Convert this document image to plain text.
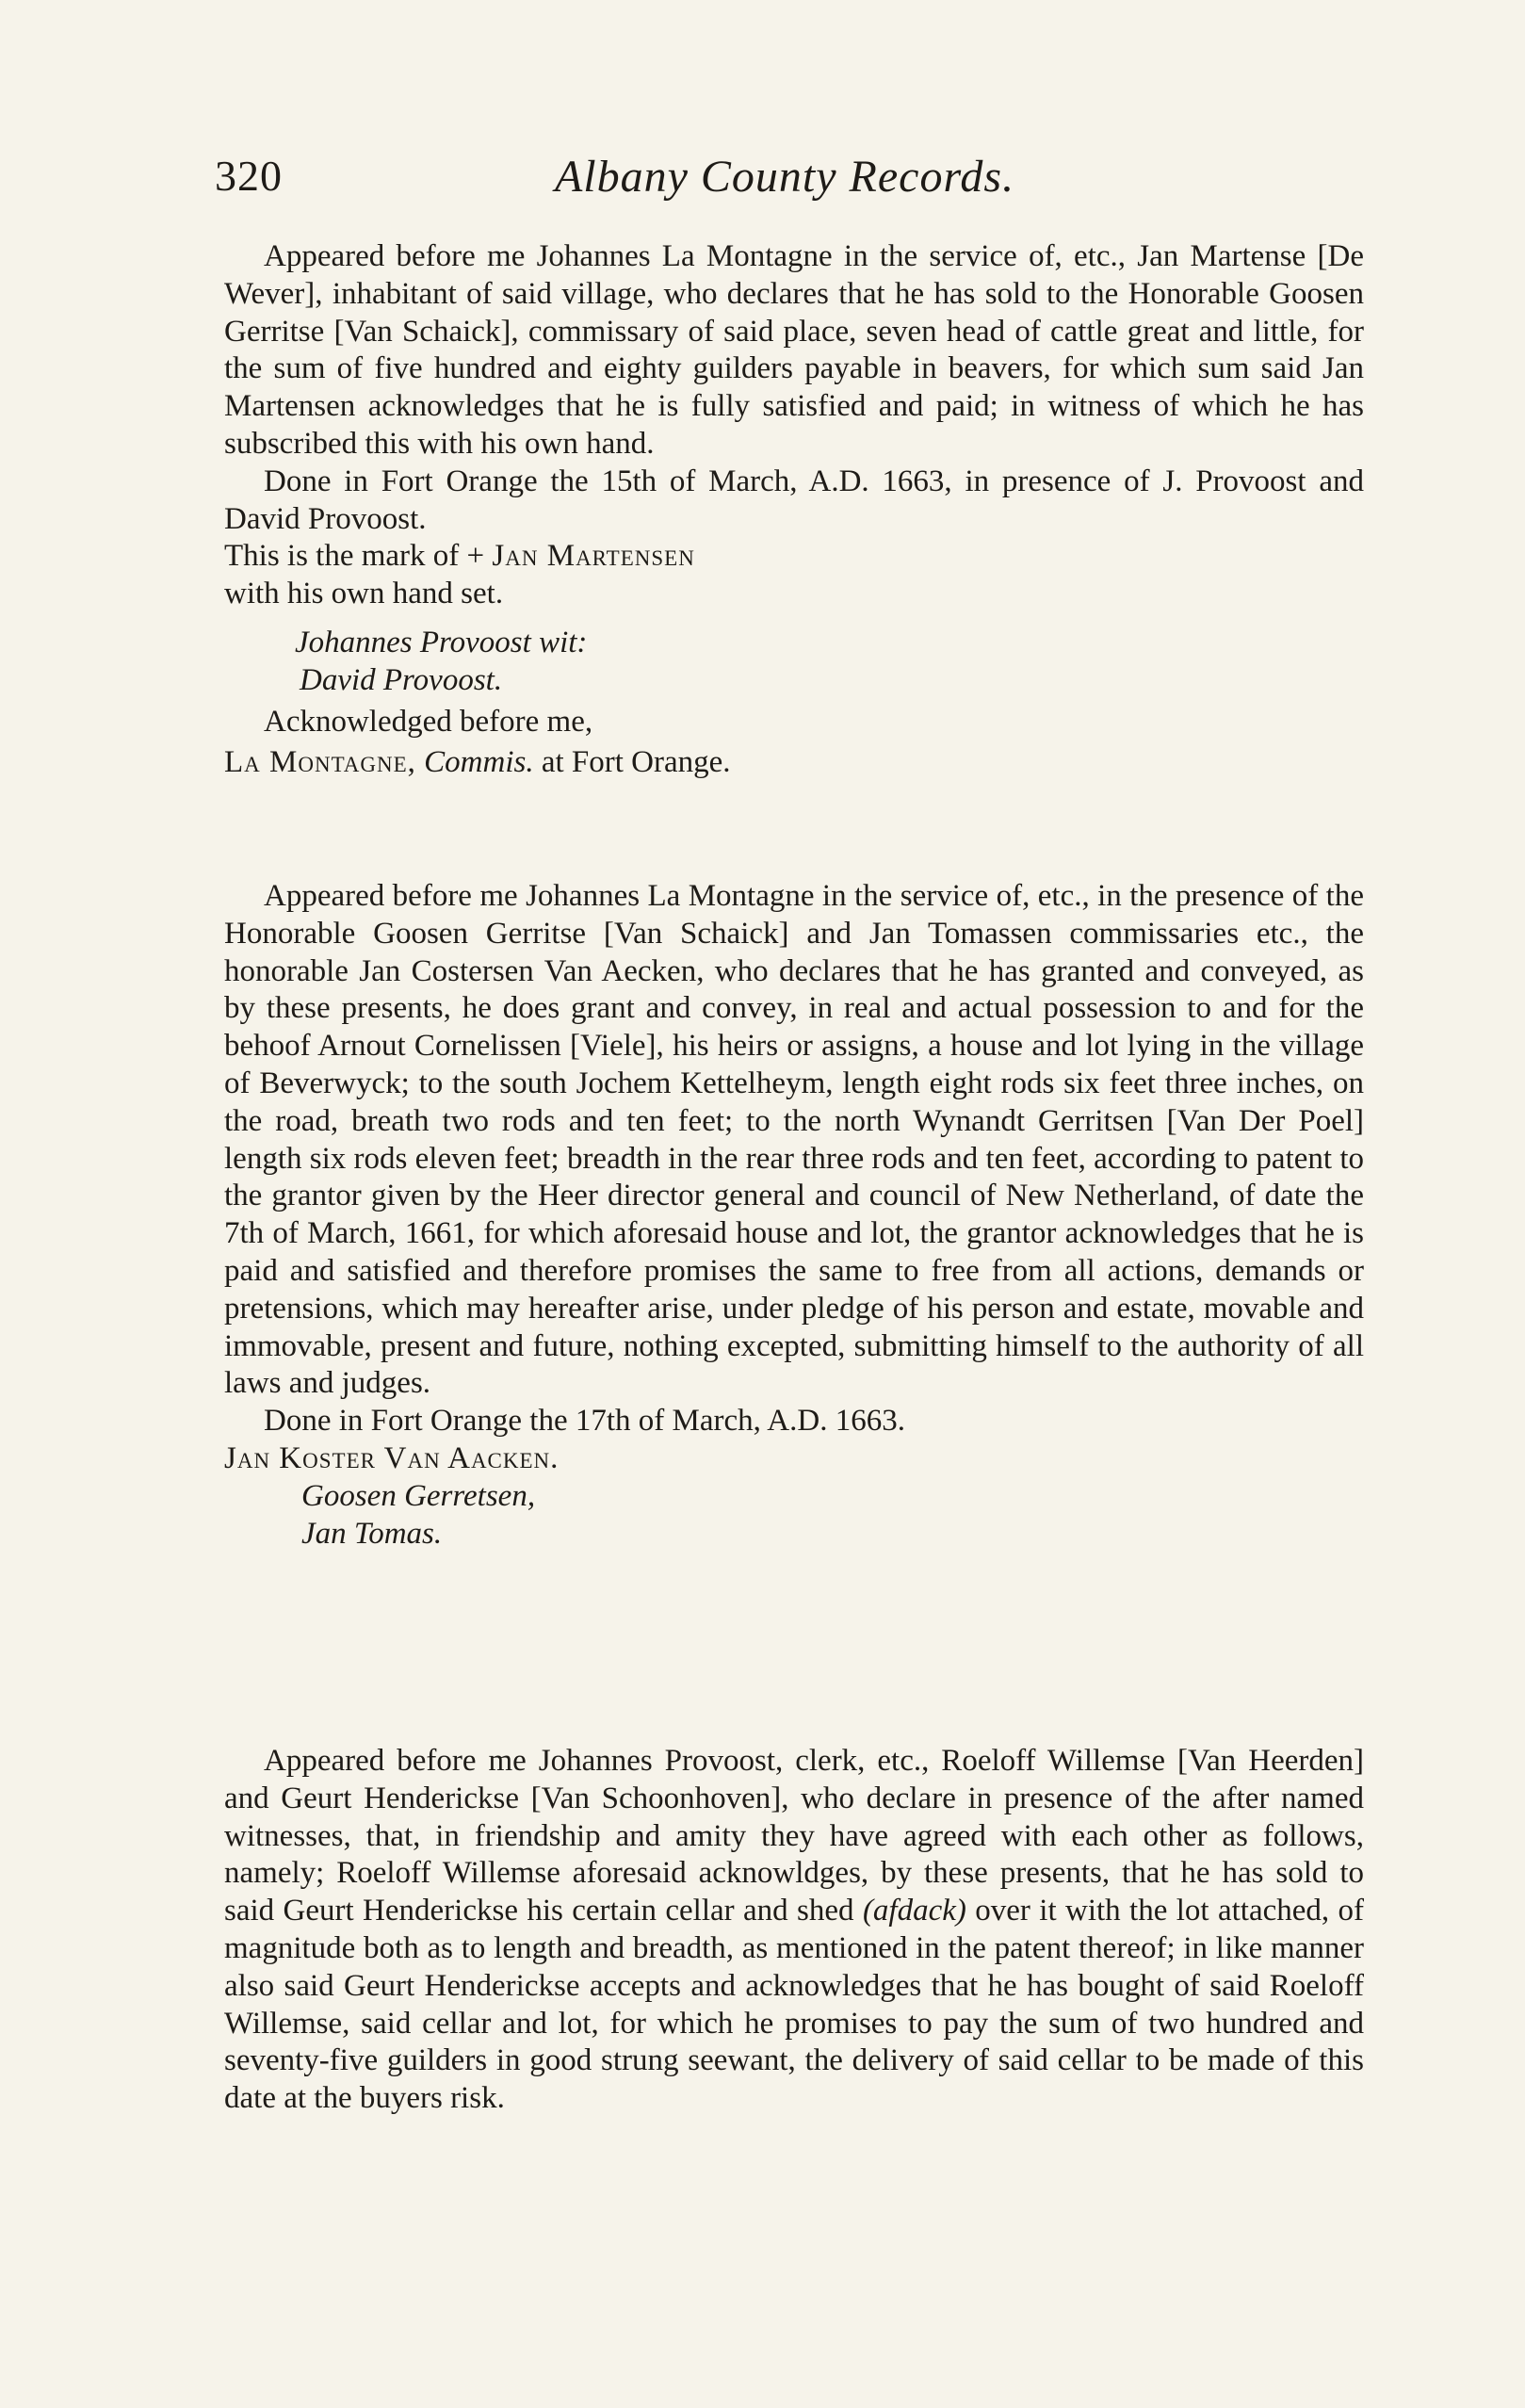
320	Albany County Records.

Appeared before me Johannes La Montagne in the service of, etc., Jan Martense [De Wever], inhabitant of said village, who declares that he has sold to the Honorable Goosen Gerritse [Van Schaick], commissary of said place, seven head of cattle great and little, for the sum of five hundred and eighty guilders payable in beavers, for which sum said Jan Martensen acknowledges that he is fully satisfied and paid; in witness of which he has subscribed this with his own hand.

Done in Fort Orange the 15th of March, A.D. 1663, in presence of J. Provoost and David Provoost.

This is the mark of + Jan Martensen
with his own hand set.
Johannes Provoost wit:
David Provoost.
Acknowledged before me,
La Montagne, Commis. at Fort Orange.

Appeared before me Johannes La Montagne in the service of, etc., in the presence of the Honorable Goosen Gerritse [Van Schaick] and Jan Tomassen commissaries etc., the honorable Jan Costersen Van Aecken, who declares that he has granted and conveyed, as by these presents, he does grant and convey, in real and actual possession to and for the behoof Arnout Cornelissen [Viele], his heirs or assigns, a house and lot lying in the village of Beverwyck; to the south Jochem Kettelheym, length eight rods six feet three inches, on the road, breath two rods and ten feet; to the north Wynandt Gerritsen [Van Der Poel] length six rods eleven feet; breadth in the rear three rods and ten feet, according to patent to the grantor given by the Heer director general and council of New Netherland, of date the 7th of March, 1661, for which aforesaid house and lot, the grantor acknowledges that he is paid and satisfied and therefore promises the same to free from all actions, demands or pretensions, which may hereafter arise, under pledge of his person and estate, movable and immovable, present and future, nothing excepted, submitting himself to the authority of all laws and judges.

Done in Fort Orange the 17th of March, A.D. 1663.

Jan Koster Van Aacken.
Goosen Gerretsen,
Jan Tomas.

Appeared before me Johannes Provoost, clerk, etc., Roeloff Willemse [Van Heerden] and Geurt Henderickse [Van Schoonhoven], who declare in presence of the after named witnesses, that, in friendship and amity they have agreed with each other as follows, namely; Roeloff Willemse aforesaid acknowldges, by these presents, that he has sold to said Geurt Henderickse his certain cellar and shed (afdack) over it with the lot attached, of magnitude both as to length and breadth, as mentioned in the patent thereof; in like manner also said Geurt Henderickse accepts and acknowledges that he has bought of said Roeloff Willemse, said cellar and lot, for which he promises to pay the sum of two hundred and seventy-five guilders in good strung seewant, the delivery of said cellar to be made of this date at the buyers risk.
